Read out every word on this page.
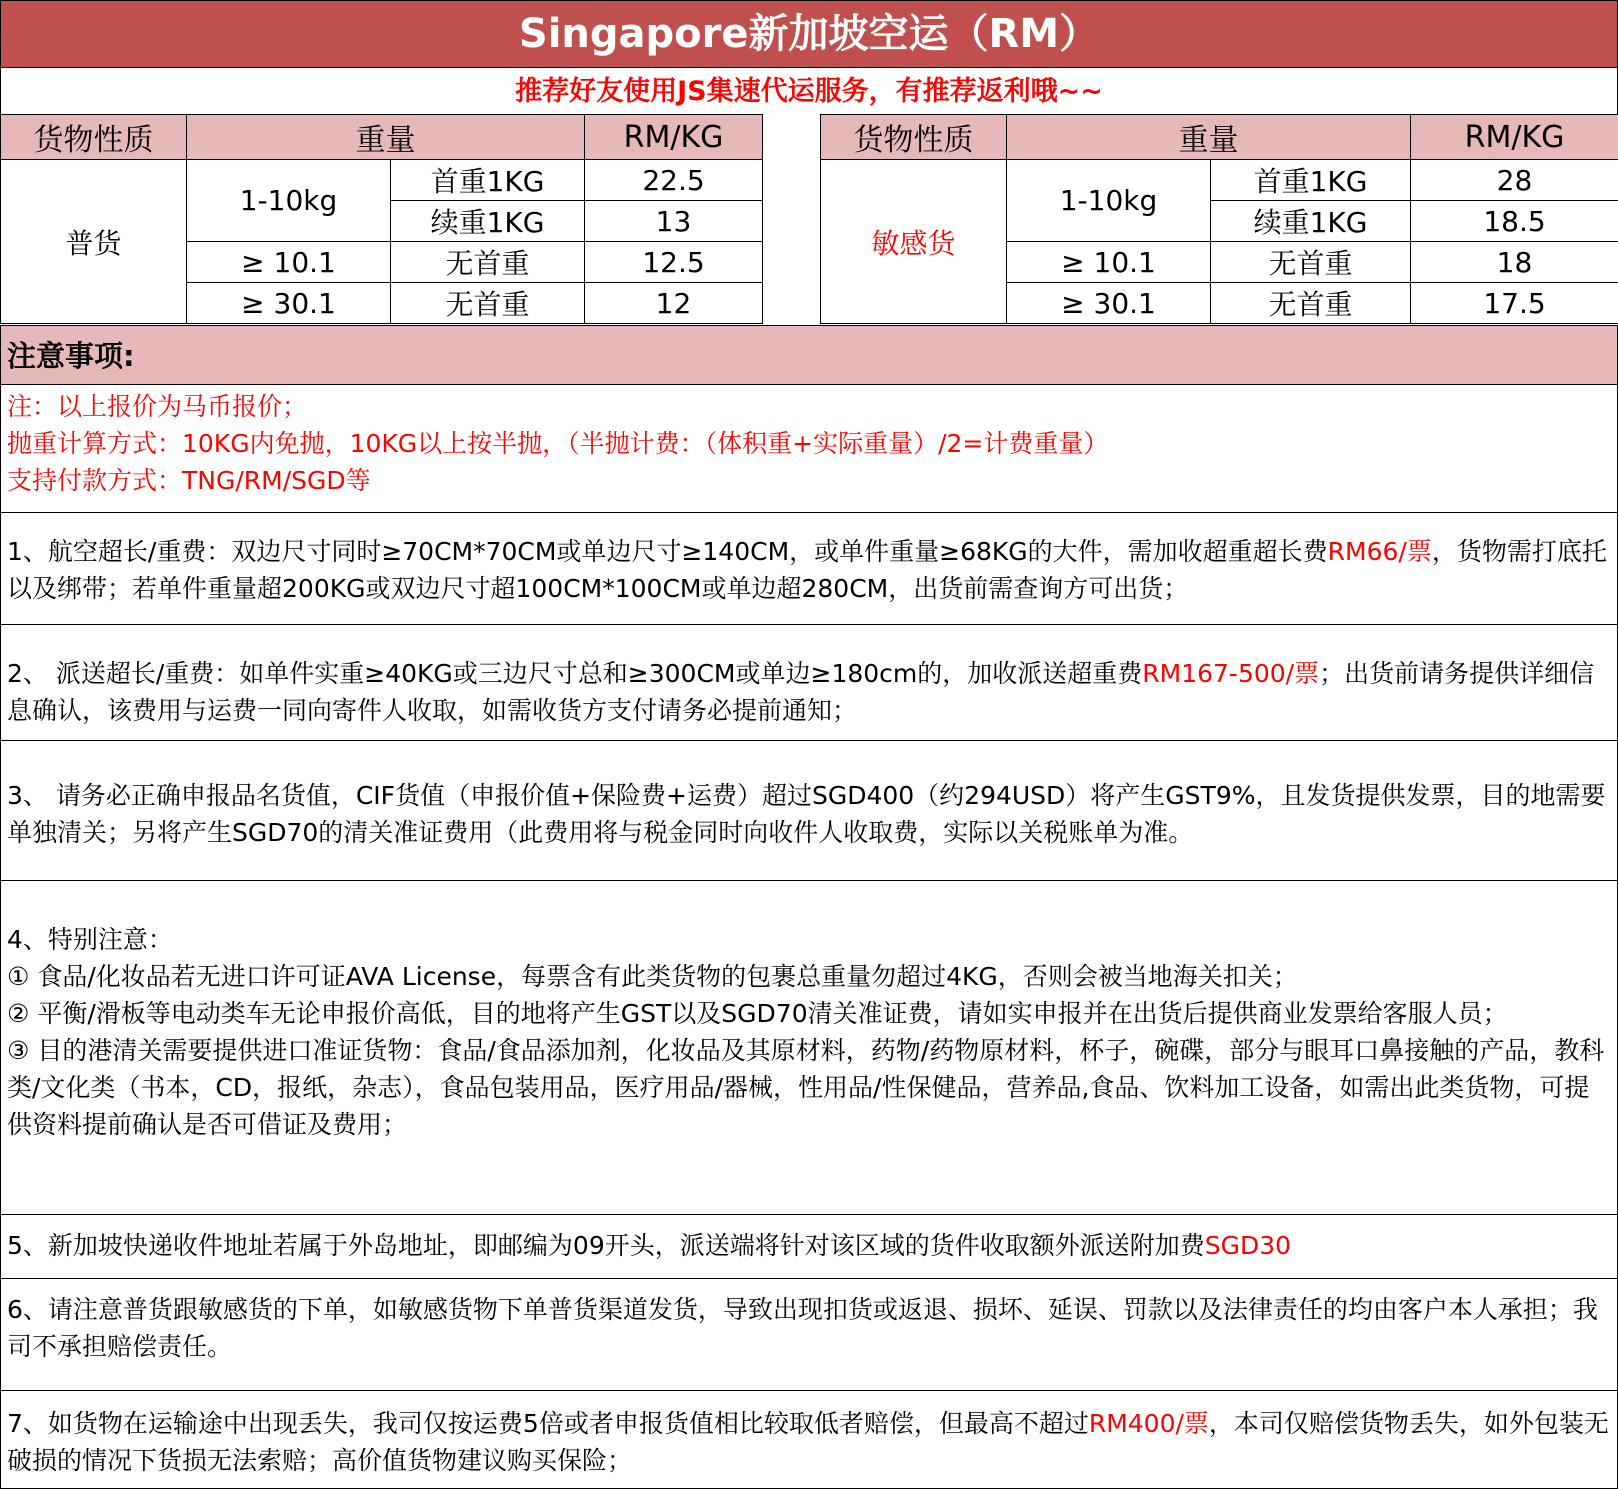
Singapore新加坡空运（RM）
推荐好友使用JS集速代运服务，有推荐返利哦~~
货物性质	重量		RM/KG		货物性质	重量		RM/KG
普货	1-10kg	首重1KG	22.5		敏感货	1-10kg	首重1KG	28
		续重1KG	13				续重1KG	18.5
	≥ 10.1	无首重	12.5			≥ 10.1	无首重	18
	≥ 30.1	无首重	12			≥ 30.1	无首重	17.5
注意事项:
注：以上报价为马币报价；
抛重计算方式：10KG内免抛，10KG以上按半抛，（半抛计费：（体积重+实际重量）/2=计费重量）
支持付款方式：TNG/RM/SGD等
1、航空超长/重费：双边尺寸同时≥70CM*70CM或单边尺寸≥140CM，或单件重量≥68KG的大件，需加收超重超长费RM66/票，货物需打底托以及绑带；若单件重量超200KG或双边尺寸超100CM*100CM或单边超280CM，出货前需查询方可出货；
2、 派送超长/重费：如单件实重≥40KG或三边尺寸总和≥300CM或单边≥180cm的，加收派送超重费RM167-500/票；出货前请务提供详细信息确认，该费用与运费一同向寄件人收取，如需收货方支付请务必提前通知；
3、 请务必正确申报品名货值，CIF货值（申报价值+保险费+运费）超过SGD400（约294USD）将产生GST9%，且发货提供发票，目的地需要单独清关；另将产生SGD70的清关准证费用（此费用将与税金同时向收件人收取费，实际以关税账单为准。
4、特别注意：
① 食品/化妆品若无进口许可证AVA License，每票含有此类货物的包裹总重量勿超过4KG，否则会被当地海关扣关；
② 平衡/滑板等电动类车无论申报价高低，目的地将产生GST以及SGD70清关准证费，请如实申报并在出货后提供商业发票给客服人员；
③ 目的港清关需要提供进口准证货物：食品/食品添加剂，化妆品及其原材料，药物/药物原材料，杯子，碗碟，部分与眼耳口鼻接触的产品，教科类/文化类（书本，CD，报纸，杂志），食品包装用品，医疗用品/器械，性用品/性保健品，营养品,食品、饮料加工设备，如需出此类货物，可提供资料提前确认是否可借证及费用；
5、新加坡快递收件地址若属于外岛地址，即邮编为09开头，派送端将针对该区域的货件收取额外派送附加费SGD30
6、请注意普货跟敏感货的下单，如敏感货物下单普货渠道发货，导致出现扣货或返退、损坏、延误、罚款以及法律责任的均由客户本人承担；我司不承担赔偿责任。
7、如货物在运输途中出现丢失，我司仅按运费5倍或者申报货值相比较取低者赔偿，但最高不超过RM400/票，本司仅赔偿货物丢失，如外包装无破损的情况下货损无法索赔；高价值货物建议购买保险；
